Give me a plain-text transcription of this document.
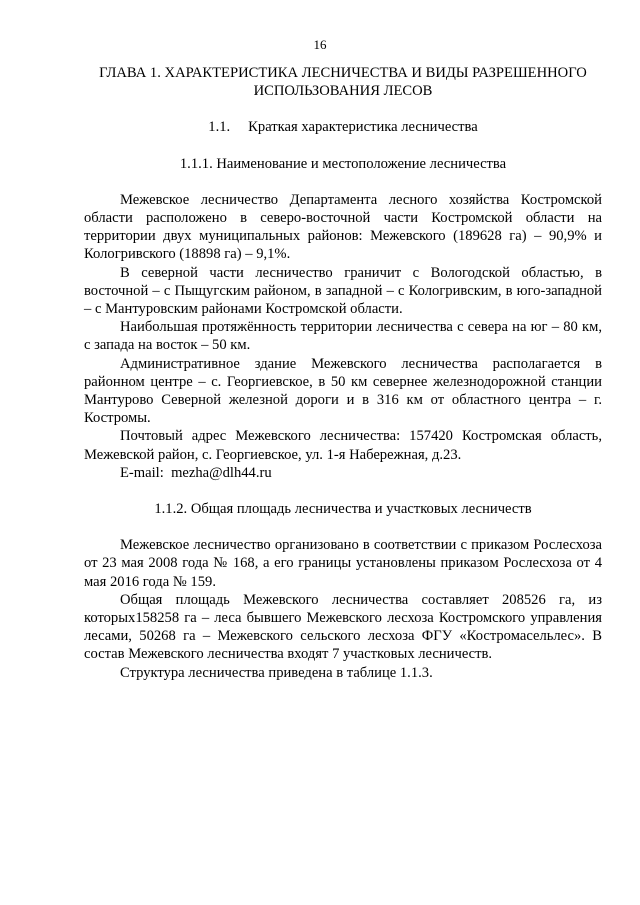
16
ГЛАВА 1. ХАРАКТЕРИСТИКА ЛЕСНИЧЕСТВА И ВИДЫ РАЗРЕШЕННОГО ИСПОЛЬЗОВАНИЯ ЛЕСОВ
1.1. Краткая характеристика лесничества
1.1.1. Наименование и местоположение лесничества

Межевское лесничество Департамента лесного хозяйства Костромской области расположено в северо-восточной части Костромской области на территории двух муниципальных районов: Межевского (189628 га) – 90,9% и Кологривского (18898 га) – 9,1%.

В северной части лесничество граничит с Вологодской областью, в восточной – с Пыщугским районом, в западной – с Кологривским, в юго-западной – с Мантуровским районами Костромской области.

Наибольшая протяжённость территории лесничества с севера на юг – 80 км, с запада на восток – 50 км.

Административное здание Межевского лесничества располагается в районном центре – с. Георгиевское, в 50 км севернее железнодорожной станции Мантурово Северной железной дороги и в 316 км от областного центра – г. Костромы.

Почтовый адрес Межевского лесничества: 157420 Костромская область, Межевской район, с. Георгиевское, ул. 1-я Набережная, д.23.

E-mail: mezha@dlh44.ru

1.1.2. Общая площадь лесничества и участковых лесничеств

Межевское лесничество организовано в соответствии с приказом Рослесхоза от 23 мая 2008 года № 168, а его границы установлены приказом Рослесхоза от 4 мая 2016 года № 159.

Общая площадь Межевского лесничества составляет 208526 га, из которых158258 га – леса бывшего Межевского лесхоза Костромского управления лесами, 50268 га – Межевского сельского лесхоза ФГУ «Костромасельлес». В состав Межевского лесничества входят 7 участковых лесничеств.

Структура лесничества приведена в таблице 1.1.3.
